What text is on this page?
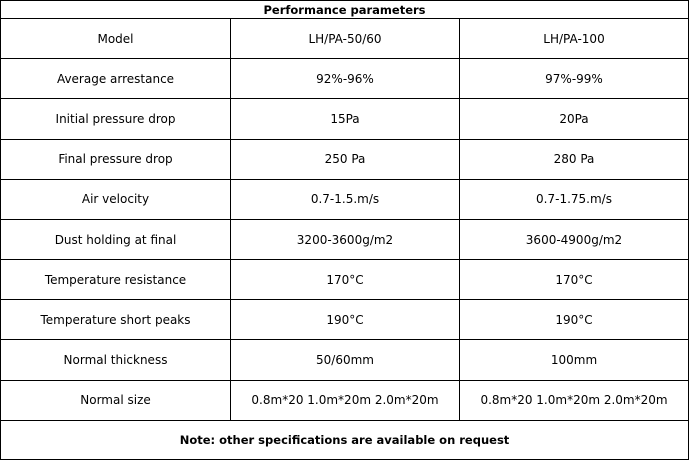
Performance parameters		
Model	LH/PA-50/60	LH/PA-100
Average arrestance	92%-96%	97%-99%
Initial pressure drop	15Pa	20Pa
Final pressure drop	250 Pa	280 Pa
Air velocity	0.7-1.5.m/s	0.7-1.75.m/s
Dust holding at final	3200-3600g/m2	3600-4900g/m2
Temperature resistance	170°C	170°C
Temperature short peaks	190°C	190°C
Normal thickness	50/60mm	100mm
Normal size	0.8m*20 1.0m*20m 2.0m*20m	0.8m*20 1.0m*20m 2.0m*20m
Note: other specifications are available on request		
